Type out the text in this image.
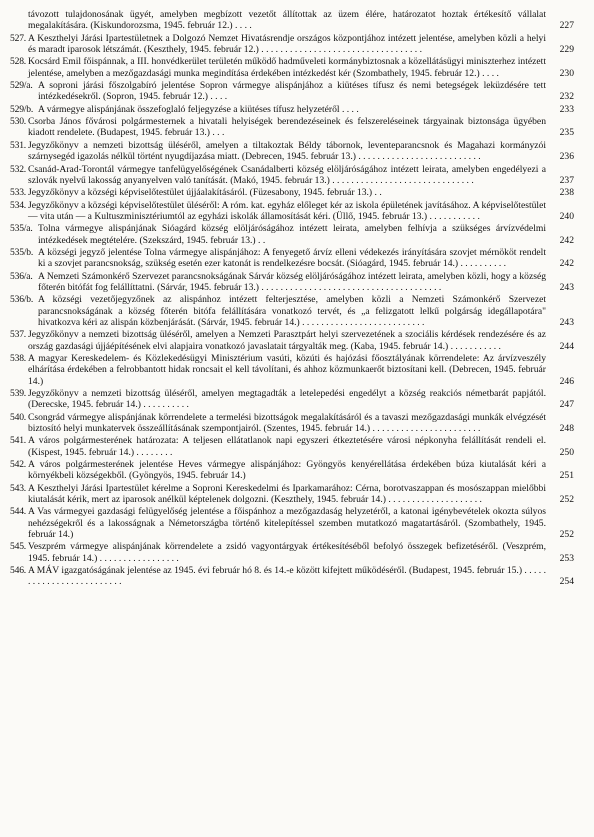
távozott tulajdonosának ügyét, amelyben megbízott vezetőt állítottak az üzem élére, határozatot hoztak értékesítő vállalat megalakítására. (Kiskundorozsma, 1945. február 12.) . . . .	227
527. A Keszthelyi Járási Ipartestületnek a Dolgozó Nemzet Hivatásrendje országos központjához intézett jelentése, amelyben közli a helyi és maradt iparosok létszámát. (Keszthely, 1945. február 12.) . . . . . . . . . . . . . . . . . . . . . . . . . . . . . . . . . .	229
528. Kocsárd Emil főispánnak, a III. honvédkerület területén működő hadműveleti kormánybiztosnak a közellátásügyi miniszterhez intézett jelentése, amelyben a mezőgazdasági munka megindítása érdekében intézkedést kér (Szombathely, 1945. február 12.) . . . .	230
529/a. A soproni járási főszolgabíró jelentése Sopron vármegye alispánjához a kiütéses tífusz és nemi betegségek leküzdésére tett intézkedésekről. (Sopron, 1945. február 12.) . . . .	232
529/b. A vármegye alispánjának összefoglaló feljegyzése a kiütéses tífusz helyzetéről . . . .	233
530. Csorba János fővárosi polgármesternek a hivatali helyiségek berendezéseinek és felszereléseinek tárgyainak biztonsága ügyében kiadott rendelete. (Budapest, 1945. február 13.) . . .	235
531. Jegyzőkönyv a nemzeti bizottság üléséről, amelyen a tiltakoztak Béldy tábornok, leventeparancsnok és Magahazi kormányzói szárnysegéd igazolás nélkül történt nyugdíjazása miatt. (Debrecen, 1945. február 13.) . . . . . . . . . . . . . . . . . . . . . . . . . .	236
532. Csanád-Arad-Torontál vármegye tanfelügyelőségének Csanádalberti község elöljáróságához intézett leirata, amelyben engedélyezi a szlovák nyelvű lakosság anyanyelven való tanítását. (Makó, 1945. február 13.) . . . . . . . . . . . . . . . . . . . . . . . . . . . . . .	237
533. Jegyzőkönyv a községi képviselőtestület újjáalakításáról. (Füzesabony, 1945. február 13.) . .	238
534. Jegyzőkönyv a községi képviselőtestület üléséről: A róm. kat. egyház előleget kér az iskola épületének javításához. A képviselőtestület — vita után — a Kultuszminisztériumtól az egyházi iskolák államosítását kéri. (Üllő, 1945. február 13.) . . . . . . . . . . .	240
535/a. Tolna vármegye alispánjának Sióagárd község elöljáróságához intézett leirata, amelyben felhívja a szükséges árvízvédelmi intézkedések megtételére. (Szekszárd, 1945. február 13.) . .	242
535/b. A községi jegyző jelentése Tolna vármegye alispánjához: A fenyegető árvíz elleni védekezés irányítására szovjet mérnököt rendelt ki a szovjet parancsnokság, szükség esetén ezer katonát is rendelkezésre bocsát. (Sióagárd, 1945. február 14.) . . . . . . . . . .	242
536/a. A Nemzeti Számonkérő Szervezet parancsnokságának Sárvár község elöljáróságához intézett leirata, amelyben közli, hogy a község főterén bitófát fog felállíttatni. (Sárvár, 1945. február 13.) . . . . . . . . . . . . . . . . . . . . . . . . . . . . . . . . . . . . . .	243
536/b. A községi vezetőjegyzőnek az alispánhoz intézett felterjesztése, amelyben közli a Nemzeti Számonkérő Szervezet parancsnokságának a község főterén bitófa felállítására vonatkozó tervét, és „a felizgatott lelkű polgárság idegállapotára" hivatkozva kéri az alispán közbenjárását. (Sárvár, 1945. február 14.) . . . . . . . . . . . . . . . . . . . . . . . . . .	243
537. Jegyzőkönyv a nemzeti bizottság üléséről, amelyen a Nemzeti Parasztpárt helyi szervezetének a szociális kérdések rendezésére és az ország gazdasági újjáépítésének elvi alapjaira vonatkozó javaslatait tárgyalták meg. (Kaba, 1945. február 14.) . . . . . . . . . . .	244
538. A magyar Kereskedelem- és Közlekedésügyi Minisztérium vasúti, közúti és hajózási főosztályának körrendelete: Az árvízveszély elhárítása érdekében a felrobbantott hidak roncsait el kell távolítani, és ahhoz közmunkaerőt biztosítani kell. (Debrecen, 1945. február 14.)	246
539. Jegyzőkönyv a nemzeti bizottság üléséről, amelyen megtagadták a letelepedési engedélyt a község reakciós németbarát papjától. (Derecske, 1945. február 14.) . . . . . . . . . .	247
540. Csongrád vármegye alispánjának körrendelete a termelési bizottságok megalakításáról és a tavaszi mezőgazdasági munkák elvégzését biztosító helyi munkatervek összeállításának szempontjairól. (Szentes, 1945. február 14.) . . . . . . . . . . . . . . . . . . . . . . .	248
541. A város polgármesterének határozata: A teljesen ellátatlanok napi egyszeri étkeztetésére városi népkonyha felállítását rendeli el. (Kispest, 1945. február 14.) . . . . . . . .	250
542. A város polgármesterének jelentése Heves vármegye alispánjához: Gyöngyös kenyérellátása érdekében búza kiutalását kéri a környékbeli községekből. (Gyöngyös, 1945. február 14.)	251
543. A Keszthelyi Járási Ipartestület kérelme a Soproni Kereskedelmi és Iparkamarához: Cérna, borotvaszappan és mosószappan mielőbbi kiutalását kérik, mert az iparosok anélkül képtelenek dolgozni. (Keszthely, 1945. február 14.) . . . . . . . . . . . . . . . . . . . .	252
544. A Vas vármegyei gazdasági felügyelőség jelentése a főispánhoz a mezőgazdaság helyzetéről, a katonai igénybevételek okozta súlyos nehézségekről és a lakosságnak a Németországba történő kitelepítéssel szemben mutatkozó magatartásáról. (Szombathely, 1945. február 14.)	252
545. Veszprém vármegye alispánjának körrendelete a zsidó vagyontárgyak értékesítéséből befolyó összegek befizetéséről. (Veszprém, 1945. február 14.) . . . . . . . . . . . . . . . . .	253
546. A MÁV igazgatóságának jelentése az 1945. évi február hó 8. és 14.-e között kifejtett működéséről. (Budapest, 1945. február 15.) . . . . . . . . . . . . . . . . . . . . . . . . .	254
